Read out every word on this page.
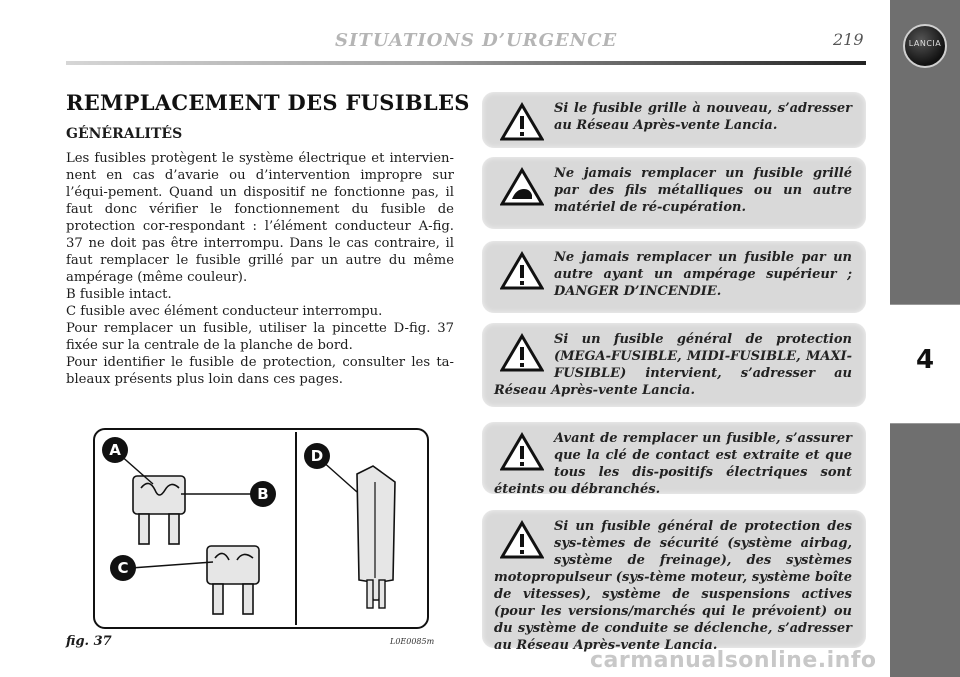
SITUATIONS D’URGENCE	219	LANCIA
4
REMPLACEMENT DES FUSIBLES
GÉNÉRALITÉS

Les fusibles protègent le système électrique et intervien-nent en cas d’avarie ou d’intervention impropre sur l’équi-pement. Quand un dispositif ne fonctionne pas, il faut donc vérifier le fonctionnement du fusible de protection cor-respondant : l’élément conducteur A-fig. 37 ne doit pas être interrompu. Dans le cas contraire, il faut remplacer le fusible grillé par un autre du même ampérage (même couleur).

B fusible intact.

C fusible avec élément conducteur interrompu.

Pour remplacer un fusible, utiliser la pincette D-fig. 37 fixée sur la centrale de la planche de bord.

Pour identifier le fusible de protection, consulter les ta-bleaux présents plus loin dans ces pages.

A
B
C
D
fig. 37	L0E0085m

Si le fusible grille à nouveau, s’adresser au Réseau Après-vente Lancia.

Ne jamais remplacer un fusible grillé par des fils métalliques ou un autre matériel de ré-cupération.

Ne jamais remplacer un fusible par un autre ayant un ampérage supérieur ; DANGER D’INCENDIE.

Si un fusible général de protection (MEGA-FUSIBLE, MIDI-FUSIBLE, MAXI-FUSIBLE) intervient, s’adresser au Réseau Après-vente Lancia.

Avant de remplacer un fusible, s’assurer que la clé de contact est extraite et que tous les dis-positifs électriques sont éteints ou débranchés.

Si un fusible général de protection des sys-tèmes de sécurité (système airbag, système de freinage), des systèmes motopropulseur (sys-tème moteur, système boîte de vitesses), système de suspensions actives (pour les versions/marchés qui le prévoient) ou du système de conduite se déclenche, s’adresser au Réseau Après-vente Lancia.

carmanualsonline.info
